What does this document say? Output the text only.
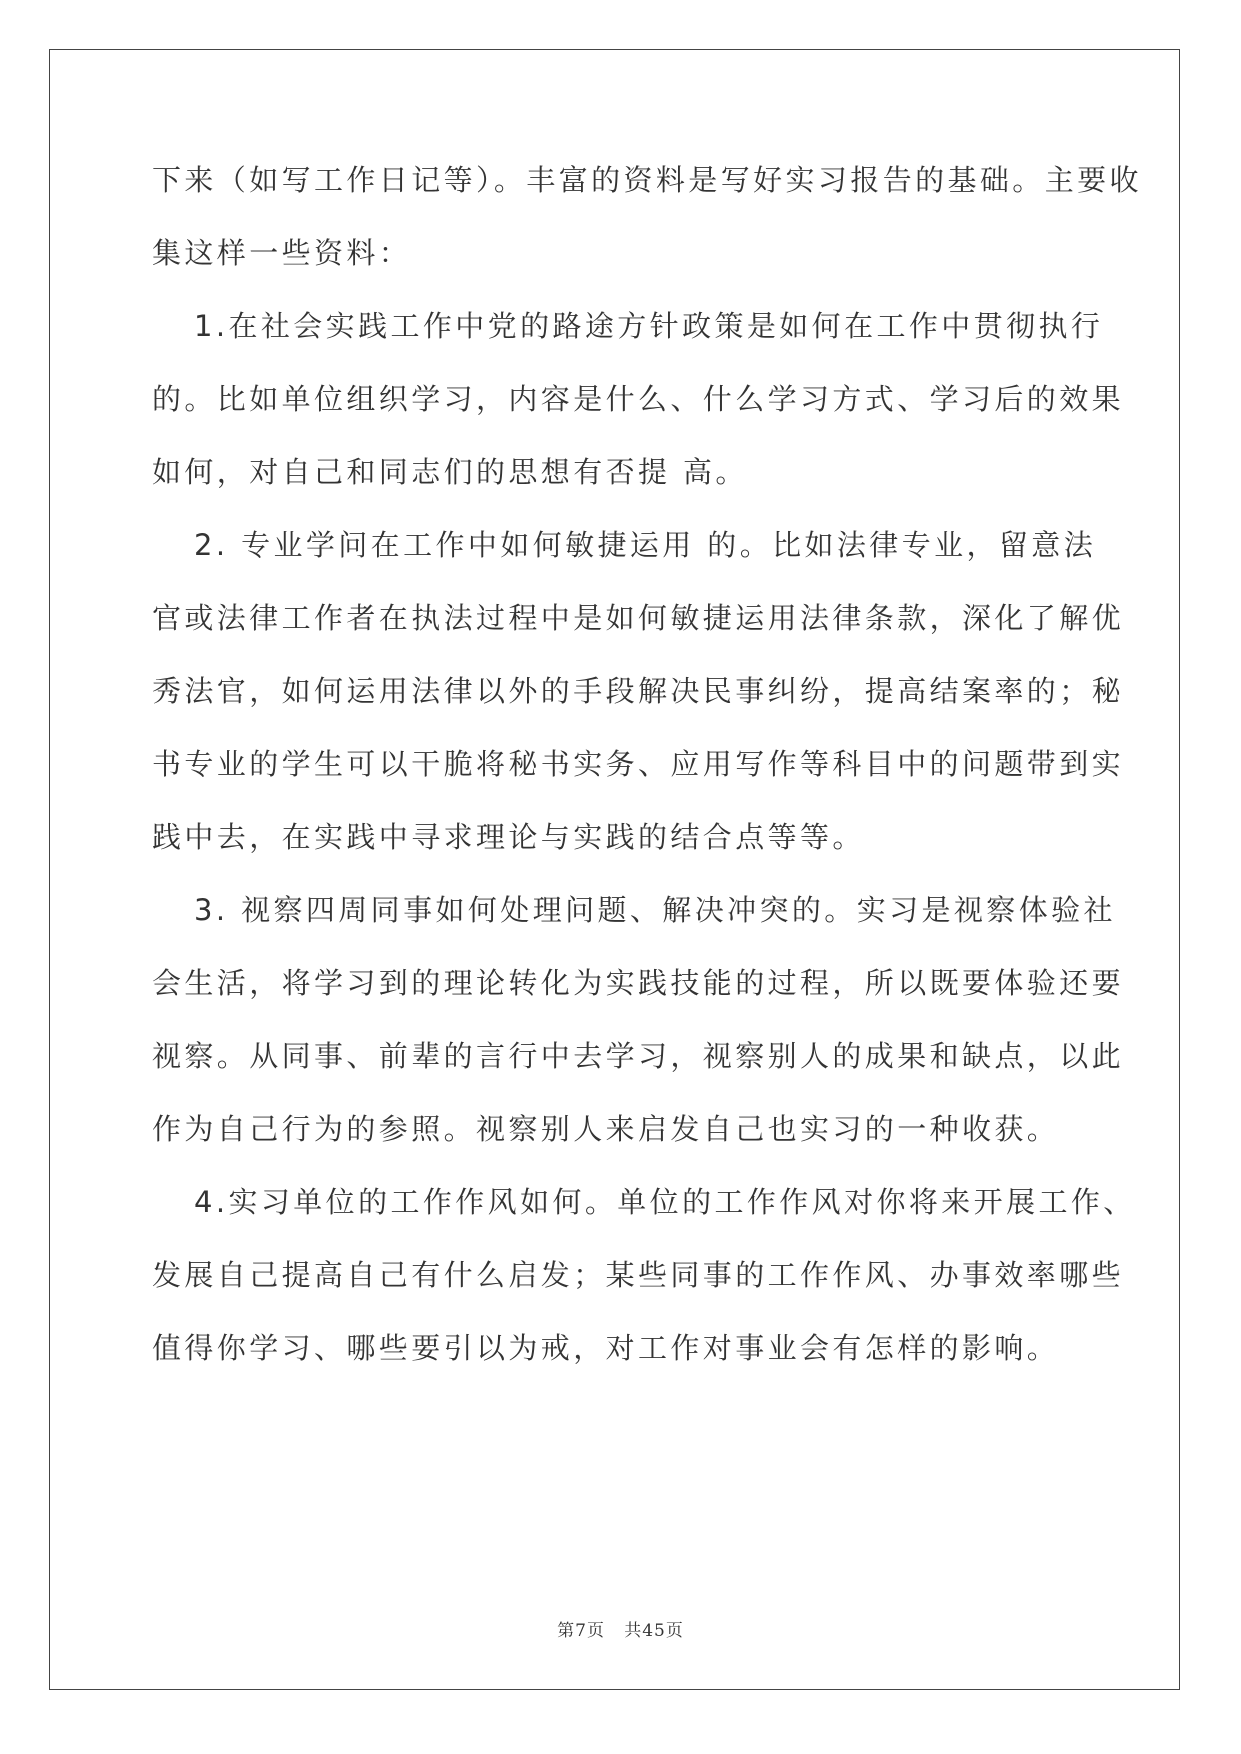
下来（如写工作日记等）。丰富的资料是写好实习报告的基础。主要收
集这样一些资料：
1.在社会实践工作中党的路途方针政策是如何在工作中贯彻执行
的。比如单位组织学习，内容是什么、什么学习方式、学习后的效果
如何，对自己和同志们的思想有否提 高。
2. 专业学问在工作中如何敏捷运用 的。比如法律专业，留意法
官或法律工作者在执法过程中是如何敏捷运用法律条款，深化了解优
秀法官，如何运用法律以外的手段解决民事纠纷，提高结案率的；秘
书专业的学生可以干脆将秘书实务、应用写作等科目中的问题带到实
践中去，在实践中寻求理论与实践的结合点等等。
3. 视察四周同事如何处理问题、解决冲突的。实习是视察体验社
会生活，将学习到的理论转化为实践技能的过程，所以既要体验还要
视察。从同事、前辈的言行中去学习，视察别人的成果和缺点，以此
作为自己行为的参照。视察别人来启发自己也实习的一种收获。
4.实习单位的工作作风如何。单位的工作作风对你将来开展工作、
发展自己提高自己有什么启发；某些同事的工作作风、办事效率哪些
值得你学习、哪些要引以为戒，对工作对事业会有怎样的影响。
第7页 共45页
